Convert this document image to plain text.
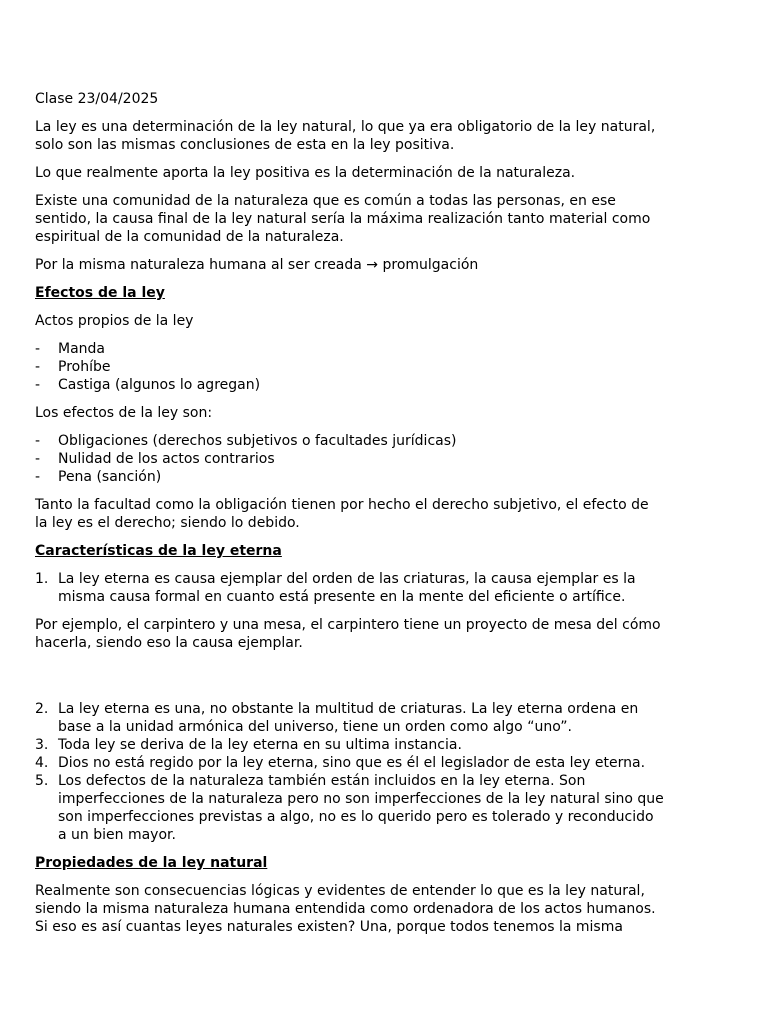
Clase 23/04/2025

La ley es una determinación de la ley natural, lo que ya era obligatorio de la ley natural, solo son las mismas conclusiones de esta en la ley positiva.

Lo que realmente aporta la ley positiva es la determinación de la naturaleza.

Existe una comunidad de la naturaleza que es común a todas las personas, en ese sentido, la causa final de la ley natural sería la máxima realización tanto material como espiritual de la comunidad de la naturaleza.

Por la misma naturaleza humana al ser creada → promulgación

Efectos de la ley

Actos propios de la ley

- Manda
- Prohíbe
- Castiga (algunos lo agregan)

Los efectos de la ley son:

- Obligaciones (derechos subjetivos o facultades jurídicas)
- Nulidad de los actos contrarios
- Pena (sanción)

Tanto la facultad como la obligación tienen por hecho el derecho subjetivo, el efecto de la ley es el derecho; siendo lo debido.

Características de la ley eterna

1. La ley eterna es causa ejemplar del orden de las criaturas, la causa ejemplar es la misma causa formal en cuanto está presente en la mente del eficiente o artífice.

Por ejemplo, el carpintero y una mesa, el carpintero tiene un proyecto de mesa del cómo hacerla, siendo eso la causa ejemplar.

2. La ley eterna es una, no obstante la multitud de criaturas. La ley eterna ordena en base a la unidad armónica del universo, tiene un orden como algo “uno”.
3. Toda ley se deriva de la ley eterna en su ultima instancia.
4. Dios no está regido por la ley eterna, sino que es él el legislador de esta ley eterna.
5. Los defectos de la naturaleza también están incluidos en la ley eterna. Son imperfecciones de la naturaleza pero no son imperfecciones de la ley natural sino que son imperfecciones previstas a algo, no es lo querido pero es tolerado y reconducido a un bien mayor.

Propiedades de la ley natural

Realmente son consecuencias lógicas y evidentes de entender lo que es la ley natural, siendo la misma naturaleza humana entendida como ordenadora de los actos humanos. Si eso es así cuantas leyes naturales existen? Una, porque todos tenemos la misma
